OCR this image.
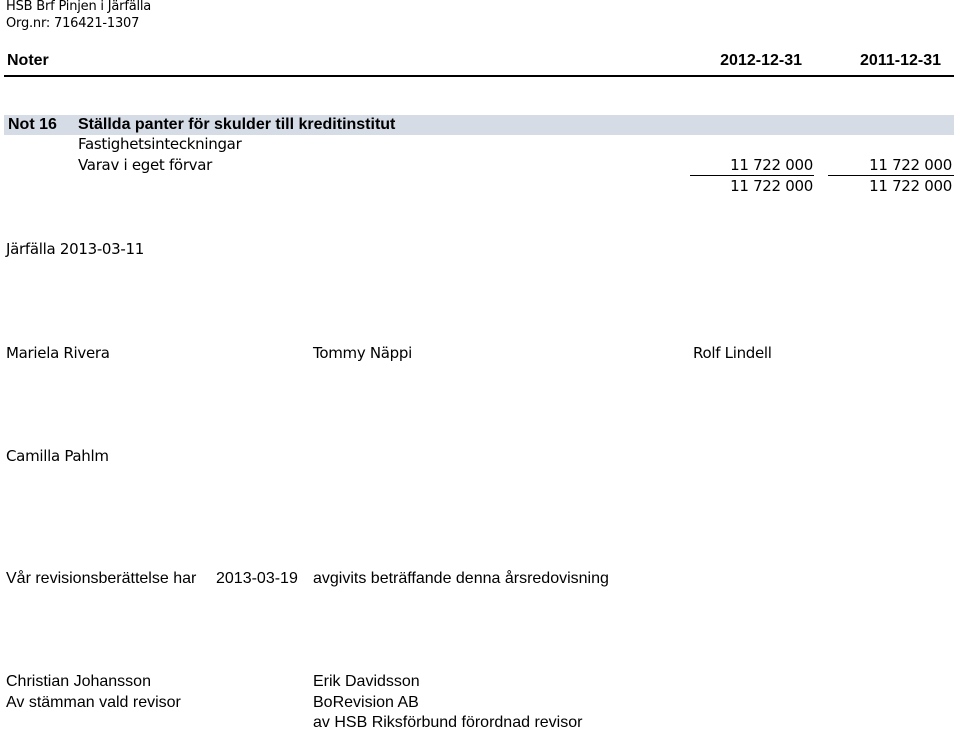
HSB Brf Pinjen i Järfälla
Org.nr: 716421-1307
Noter	2012-12-31	2011-12-31
Not 16 Ställda panter för skulder till kreditinstitut
Fastighetsinteckningar
Varav i eget förvar	11 722 000	11 722 000
11 722 000	11 722 000
Järfälla 2013-03-11
Mariela Rivera	Tommy Näppi	Rolf Lindell
Camilla Pahlm
Vår revisionsberättelse har 2013-03-19 avgivits beträffande denna årsredovisning
Christian Johansson
Av stämman vald revisor
Erik Davidsson
BoRevision AB
av HSB Riksförbund förordnad revisor
